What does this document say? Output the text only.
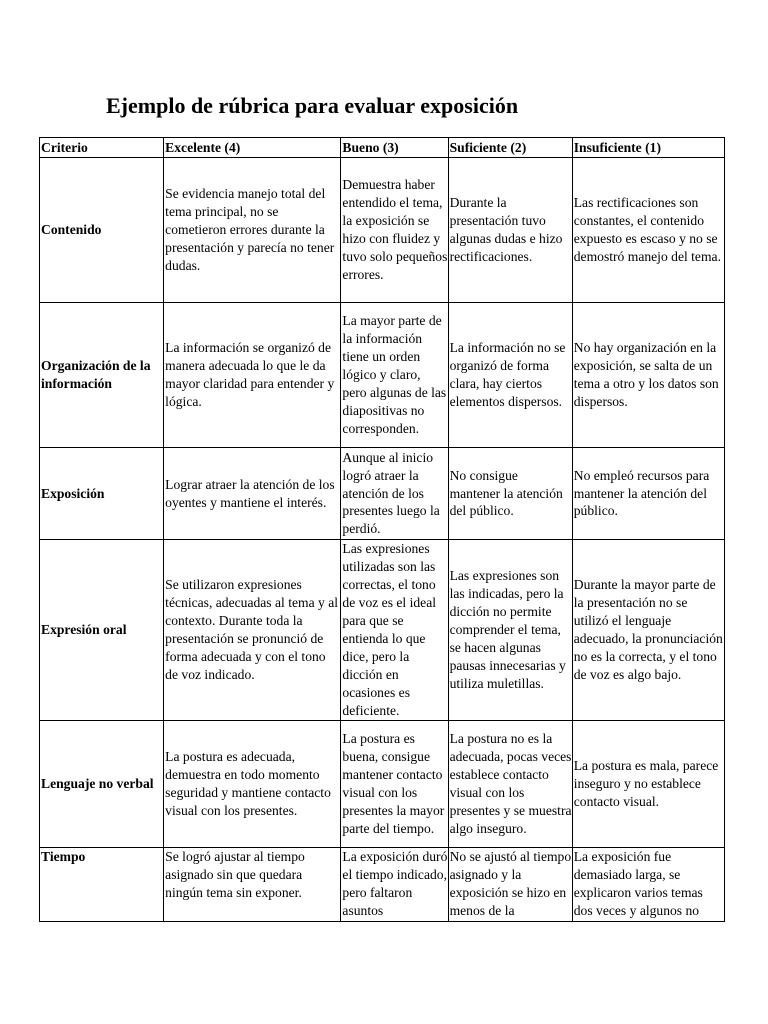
Ejemplo de rúbrica para evaluar exposición
Criterio	Excelente (4)	Bueno (3)	Suficiente (2)	Insuficiente (1)
Contenido	Se evidencia manejo total del tema principal, no se cometieron errores durante la presentación y parecía no tener dudas.	Demuestra haber entendido el tema, la exposición se hizo con fluidez y tuvo solo pequeños errores.	Durante la presentación tuvo algunas dudas e hizo rectificaciones.	Las rectificaciones son constantes, el contenido expuesto es escaso y no se demostró manejo del tema.
Organización de la información	La información se organizó de manera adecuada lo que le da mayor claridad para entender y lógica.	La mayor parte de la información tiene un orden lógico y claro, pero algunas de las diapositivas no corresponden.	La información no se organizó de forma clara, hay ciertos elementos dispersos.	No hay organización en la exposición, se salta de un tema a otro y los datos son dispersos.
Exposición	Lograr atraer la atención de los oyentes y mantiene el interés.	Aunque al inicio logró atraer la atención de los presentes luego la perdió.	No consigue mantener la atención del público.	No empleó recursos para mantener la atención del público.
Expresión oral	Se utilizaron expresiones técnicas, adecuadas al tema y al contexto. Durante toda la presentación se pronunció de forma adecuada y con el tono de voz indicado.	Las expresiones utilizadas son las correctas, el tono de voz es el ideal para que se entienda lo que dice, pero la dicción en ocasiones es deficiente.	Las expresiones son las indicadas, pero la dicción no permite comprender el tema, se hacen algunas pausas innecesarias y utiliza muletillas.	Durante la mayor parte de la presentación no se utilizó el lenguaje adecuado, la pronunciación no es la correcta, y el tono de voz es algo bajo.
Lenguaje no verbal	La postura es adecuada, demuestra en todo momento seguridad y mantiene contacto visual con los presentes.	La postura es buena, consigue mantener contacto visual con los presentes la mayor parte del tiempo.	La postura no es la adecuada, pocas veces establece contacto visual con los presentes y se muestra algo inseguro.	La postura es mala, parece inseguro y no establece contacto visual.
Tiempo	Se logró ajustar al tiempo asignado sin que quedara ningún tema sin exponer.	La exposición duró el tiempo indicado, pero faltaron asuntos	No se ajustó al tiempo asignado y la exposición se hizo en menos de la	La exposición fue demasiado larga, se explicaron varios temas dos veces y algunos no
